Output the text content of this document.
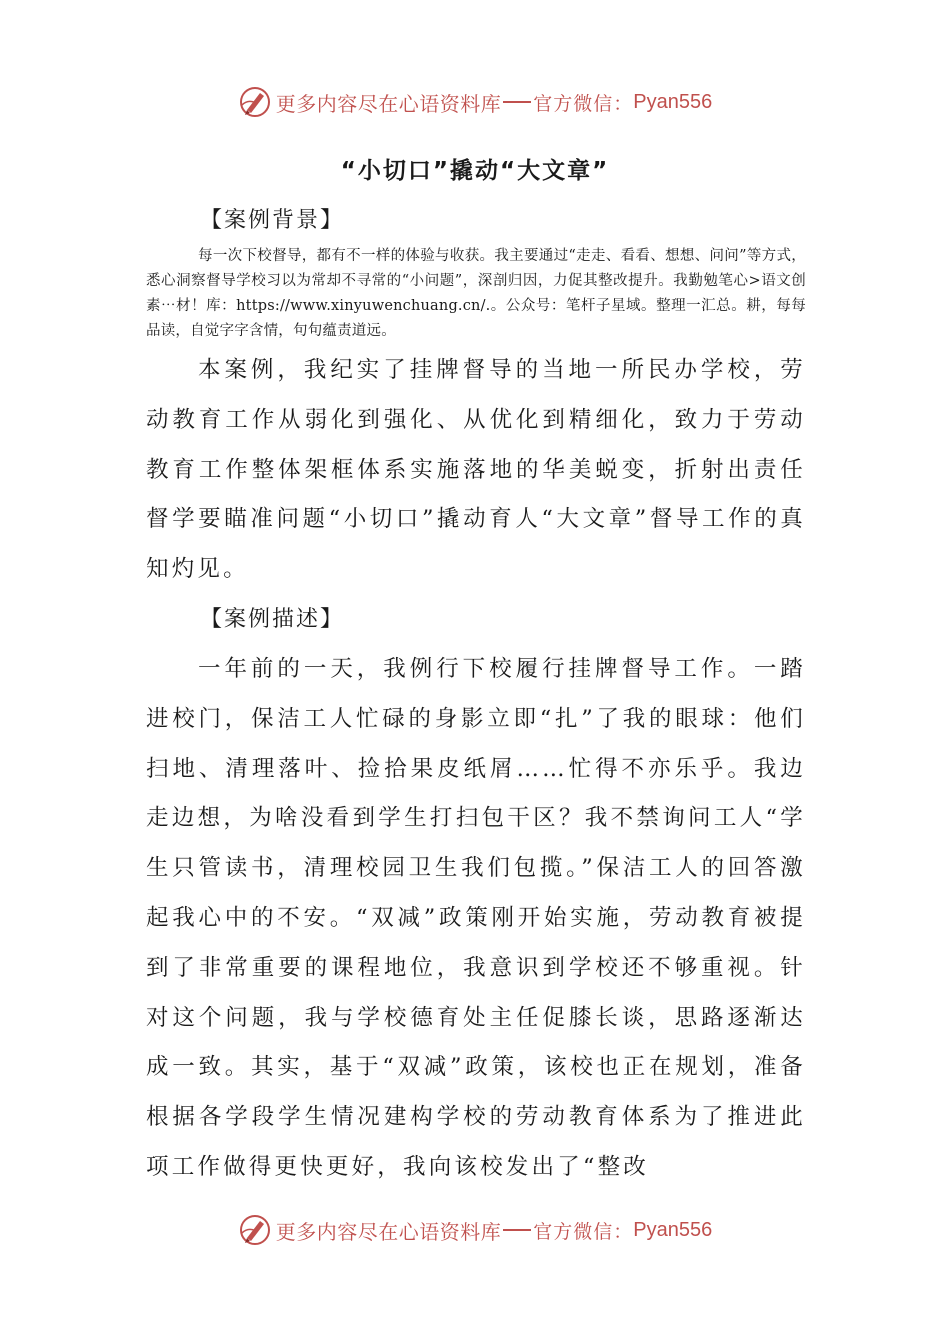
更多内容尽在心语资料库 官方微信： Pyan556
“小切口”撬动“大文章”
【案例背景】
【案例描述】
每一次下校督导，都有不一样的体验与收获。我主要通过“走走、看看、想想、问问”等方式，悉心洞察督导学校习以为常却不寻常的“小问题”，深剖归因，力促其整改提升。我勤勉笔心>语文创素⋯材！库：https://www.xinyuwenchuang.cn/.。公众号：笔杆子星域。整理一汇总。耕，每每品读，自觉字字含情，句句蕴责道远。

本案例，我纪实了挂牌督导的当地一所民办学校，劳动教育工作从弱化到强化、从优化到精细化，致力于劳动教育工作整体架框体系实施落地的华美蜕变，折射出责任督学要瞄准问题“小切口”撬动育人“大文章”督导工作的真知灼见。

一年前的一天，我例行下校履行挂牌督导工作。一踏进校门，保洁工人忙碌的身影立即“扎”了我的眼球：他们扫地、清理落叶、捡拾果皮纸屑……忙得不亦乐乎。我边走边想，为啥没看到学生打扫包干区？我不禁询问工人“学生只管读书，清理校园卫生我们包揽。”保洁工人的回答激起我心中的不安。“双减”政策刚开始实施，劳动教育被提到了非常重要的课程地位，我意识到学校还不够重视。针对这个问题，我与学校德育处主任促膝长谈，思路逐渐达成一致。其实，基于“双减”政策，该校也正在规划，准备根据各学段学生情况建构学校的劳动教育体系为了推进此项工作做得更快更好，我向该校发出了“整改

更多内容尽在心语资料库 官方微信： Pyan556
